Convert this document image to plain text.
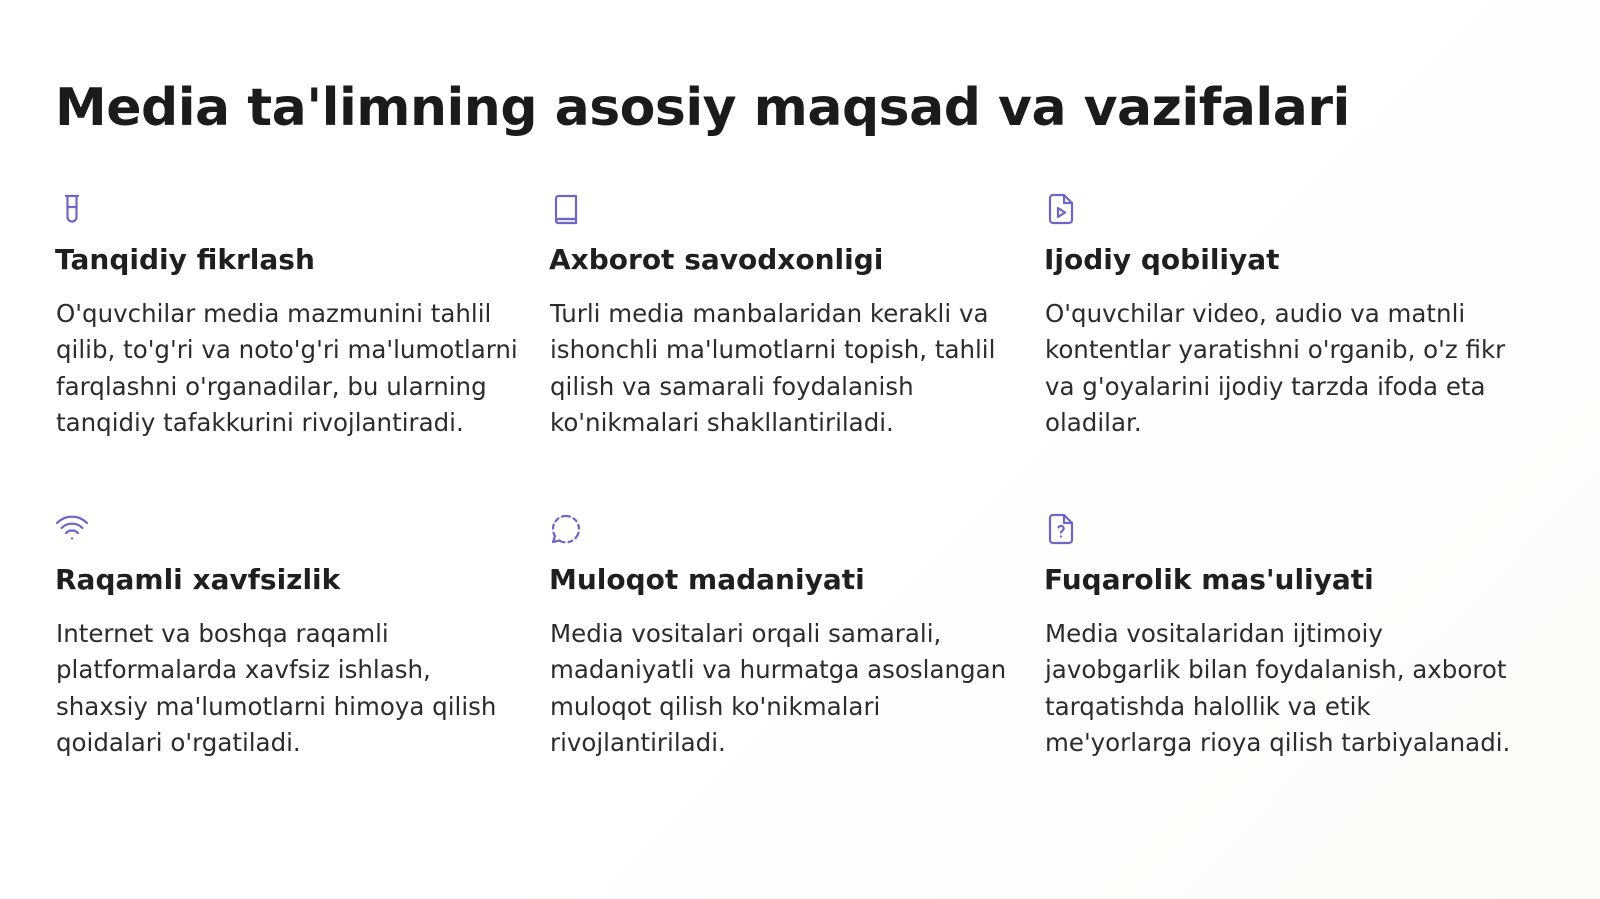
Media ta'limning asosiy maqsad va vazifalari
Tanqidiy fikrlash

O'quvchilar media mazmunini tahlil qilib, to'g'ri va noto'g'ri ma'lumotlarni farqlashni o'rganadilar, bu ularning tanqidiy tafakkurini rivojlantiradi.

Axborot savodxonligi

Turli media manbalaridan kerakli va ishonchli ma'lumotlarni topish, tahlil qilish va samarali foydalanish ko'nikmalari shakllantiriladi.

Ijodiy qobiliyat

O'quvchilar video, audio va matnli kontentlar yaratishni o'rganib, o'z fikr va g'oyalarini ijodiy tarzda ifoda eta oladilar.

Raqamli xavfsizlik

Internet va boshqa raqamli platformalarda xavfsiz ishlash, shaxsiy ma'lumotlarni himoya qilish qoidalari o'rgatiladi.

Muloqot madaniyati

Media vositalari orqali samarali, madaniyatli va hurmatga asoslangan muloqot qilish ko'nikmalari rivojlantiriladi.

Fuqarolik mas'uliyati

Media vositalaridan ijtimoiy javobgarlik bilan foydalanish, axborot tarqatishda halollik va etik me'yorlarga rioya qilish tarbiyalanadi.
